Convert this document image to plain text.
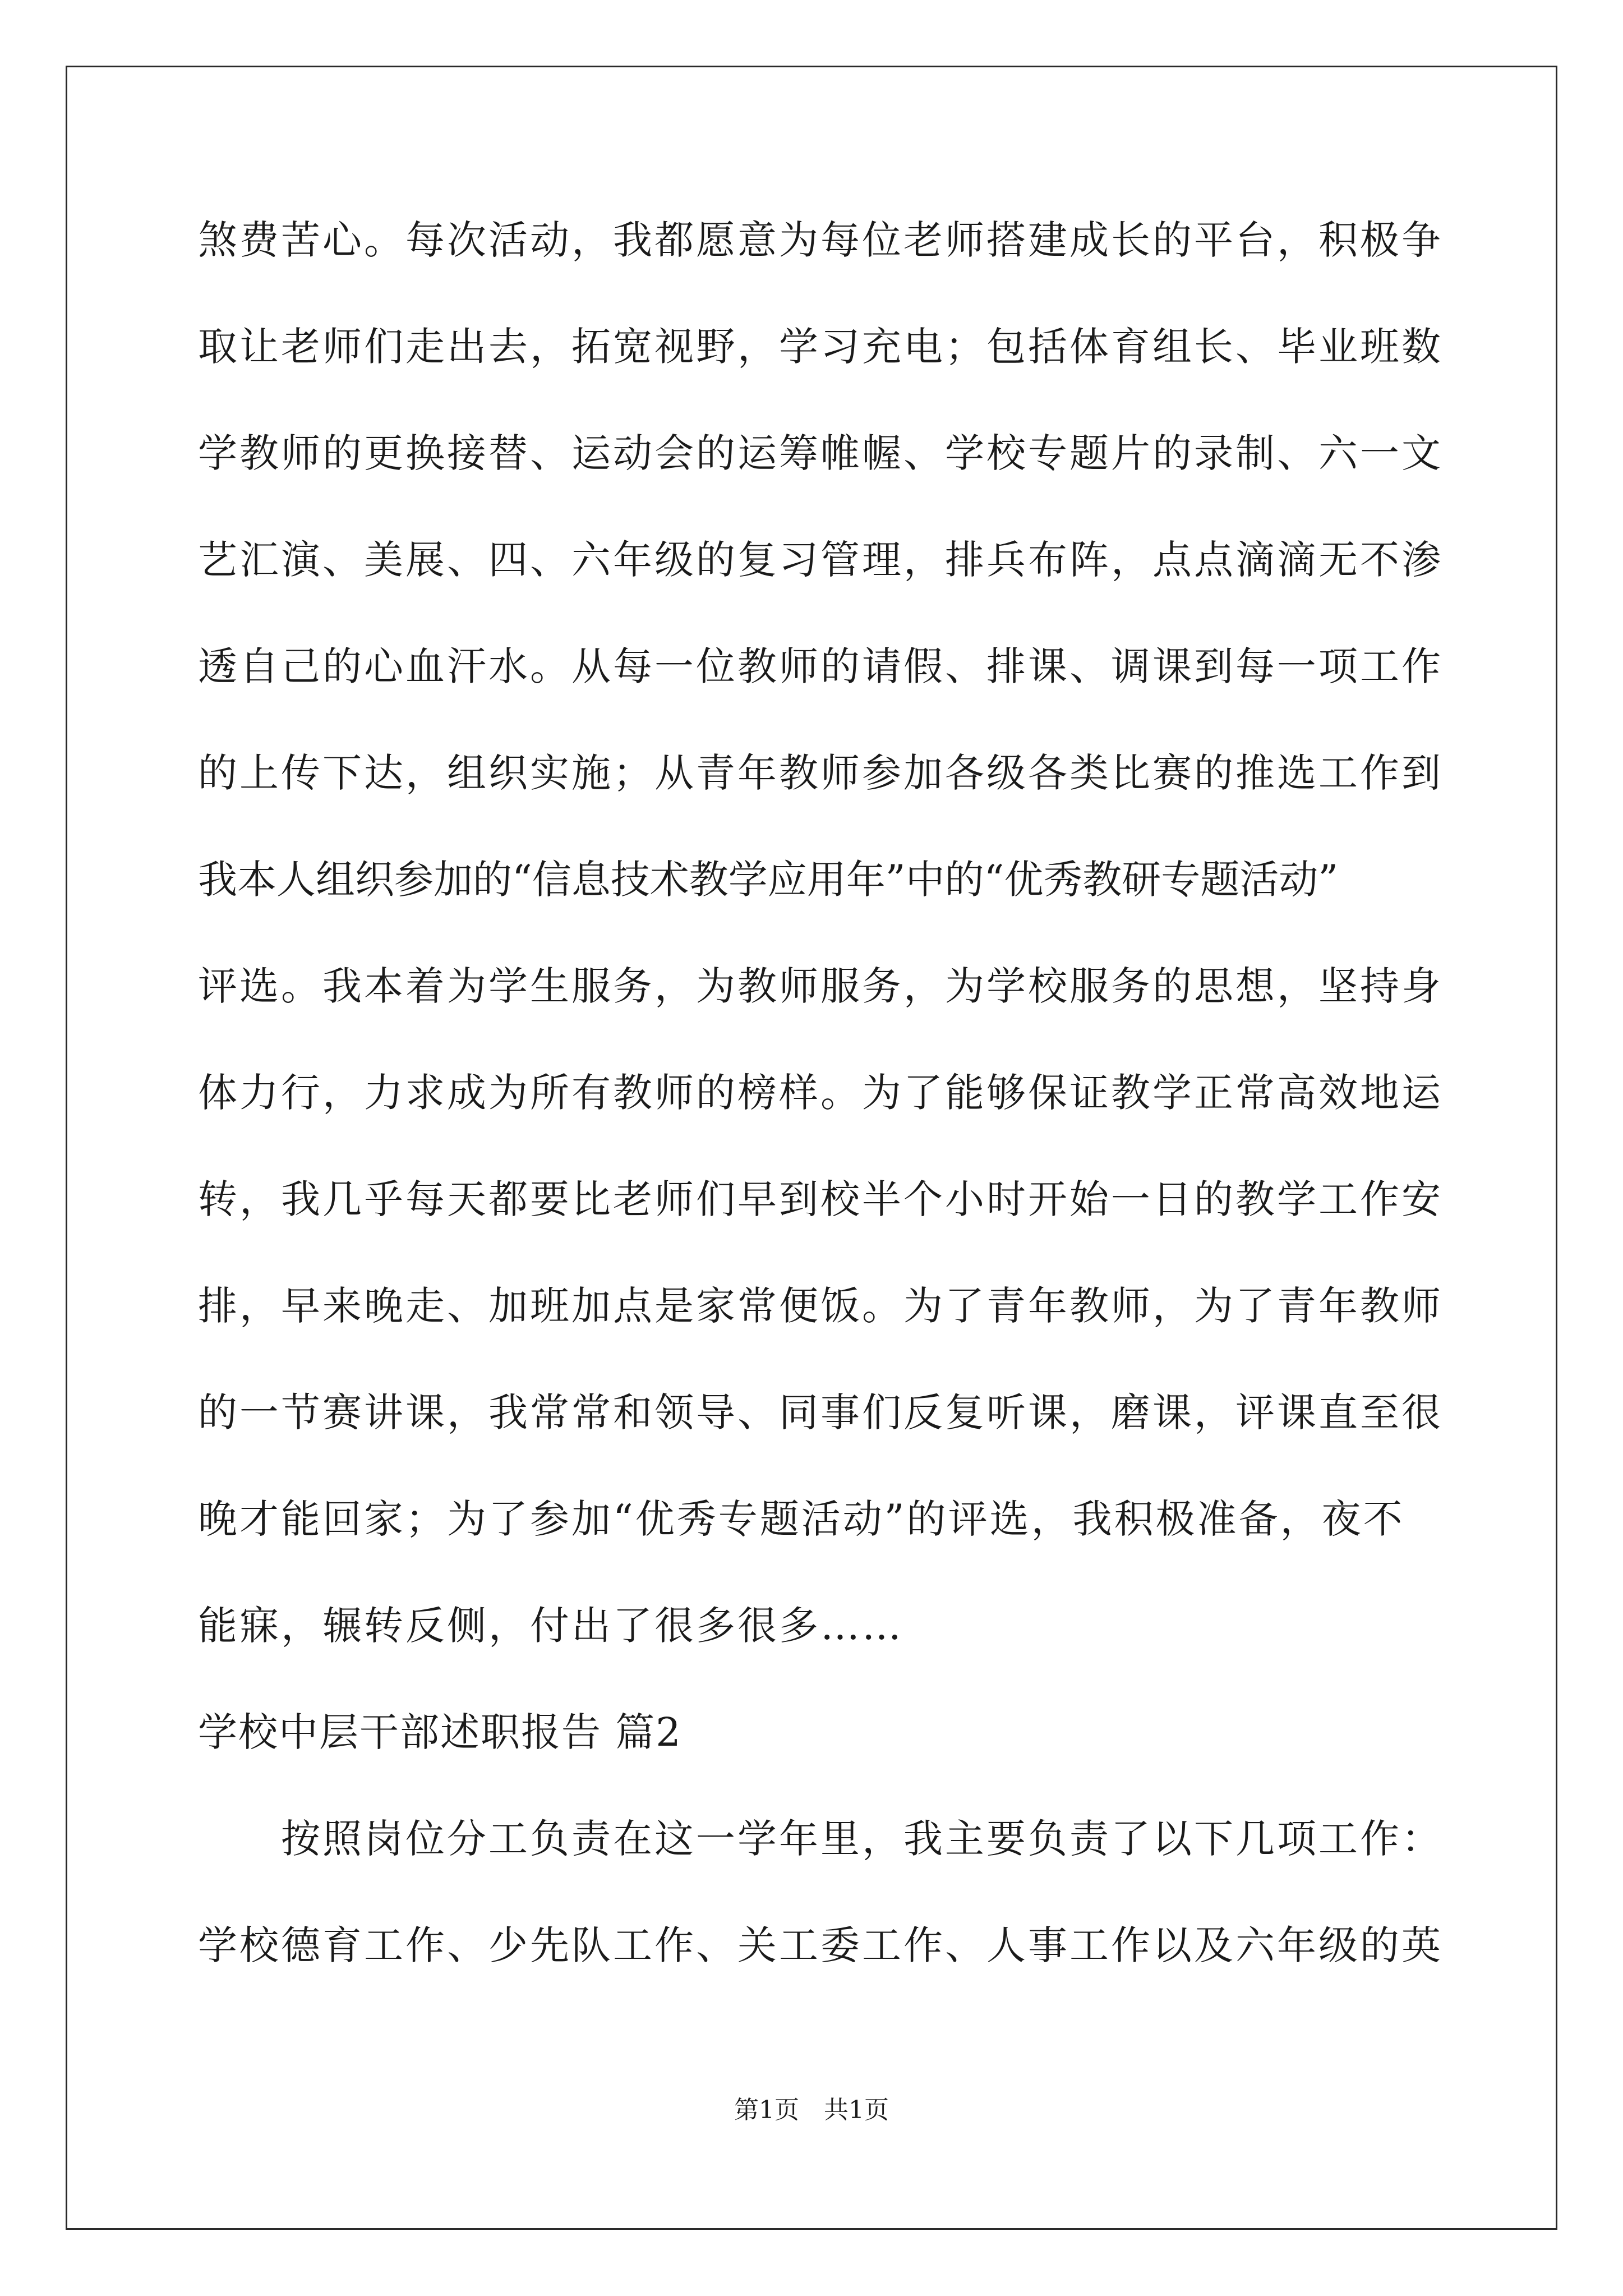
煞费苦心。每次活动，我都愿意为每位老师搭建成长的平台，积极争
取让老师们走出去，拓宽视野，学习充电；包括体育组长、毕业班数
学教师的更换接替、运动会的运筹帷幄、学校专题片的录制、六一文
艺汇演、美展、四、六年级的复习管理，排兵布阵，点点滴滴无不渗
透自己的心血汗水。从每一位教师的请假、排课、调课到每一项工作
的上传下达，组织实施；从青年教师参加各级各类比赛的推选工作到
我本人组织参加的“信息技术教学应用年”中的“优秀教研专题活动”
评选。我本着为学生服务，为教师服务，为学校服务的思想，坚持身
体力行，力求成为所有教师的榜样。为了能够保证教学正常高效地运
转，我几乎每天都要比老师们早到校半个小时开始一日的教学工作安
排，早来晚走、加班加点是家常便饭。为了青年教师，为了青年教师
的一节赛讲课，我常常和领导、同事们反复听课，磨课，评课直至很
晚才能回家；为了参加“优秀专题活动”的评选，我积极准备，夜不
能寐，辗转反侧，付出了很多很多……
学校中层干部述职报告 篇2
按照岗位分工负责在这一学年里，我主要负责了以下几项工作：
学校德育工作、少先队工作、关工委工作、人事工作以及六年级的英
第1页　共1页
